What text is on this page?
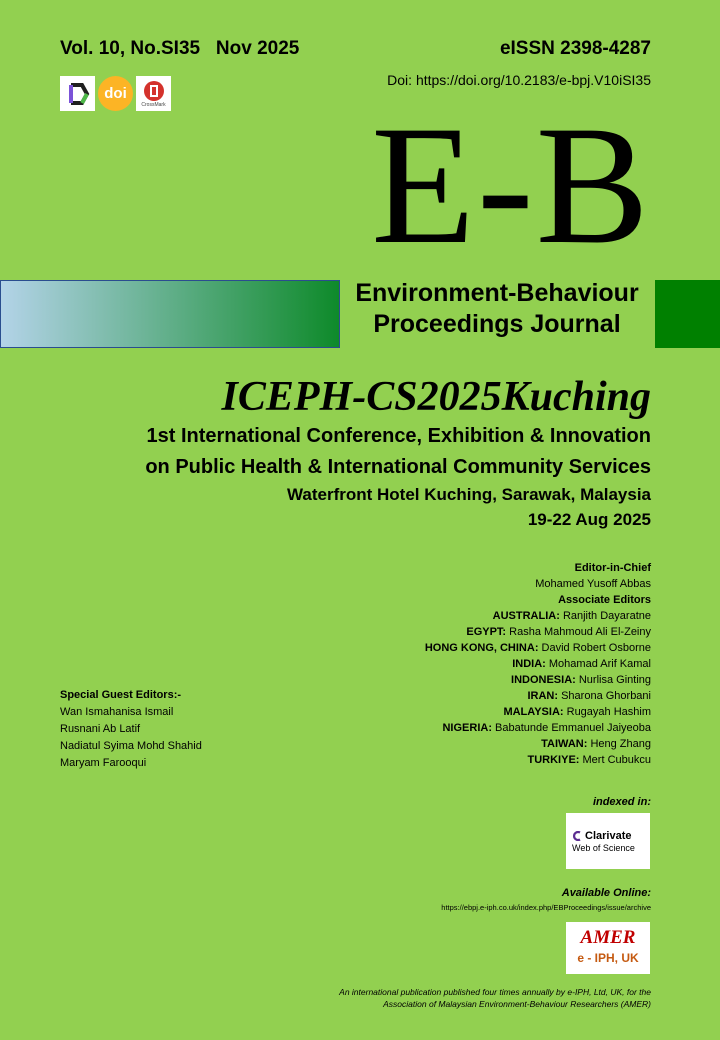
Vol. 10, No.SI35   Nov 2025	eISSN 2398-4287
Doi: https://doi.org/10.2183/e-bpj.V10iSI35
doi
CrossMark E-B
Environment-Behaviour
Proceedings Journal
ICEPH-CS2025Kuching
1st International Conference, Exhibition & Innovation
on Public Health & International Community Services
Waterfront Hotel Kuching, Sarawak, Malaysia
19-22 Aug 2025
Editor-in-Chief
Mohamed Yusoff Abbas
Associate Editors
AUSTRALIA: Ranjith Dayaratne
EGYPT: Rasha Mahmoud Ali El-Zeiny
HONG KONG, CHINA: David Robert Osborne
INDIA: Mohamad Arif Kamal
INDONESIA: Nurlisa Ginting
IRAN: Sharona Ghorbani
MALAYSIA: Rugayah Hashim
NIGERIA: Babatunde Emmanuel Jaiyeoba
TAIWAN: Heng Zhang
TURKIYE: Mert Cubukcu
Special Guest Editors:-
Wan Ismahanisa Ismail
Rusnani Ab Latif
Nadiatul Syima Mohd Shahid
Maryam Farooqui
indexed in:
Clarivate
Web of Science
Available Online:
https://ebpj.e-iph.co.uk/index.php/EBProceedings/issue/archive
AMER
e - IPH, UK
An international publication published four times annually by e-IPH, Ltd, UK, for the
Association of Malaysian Environment-Behaviour Researchers (AMER)
